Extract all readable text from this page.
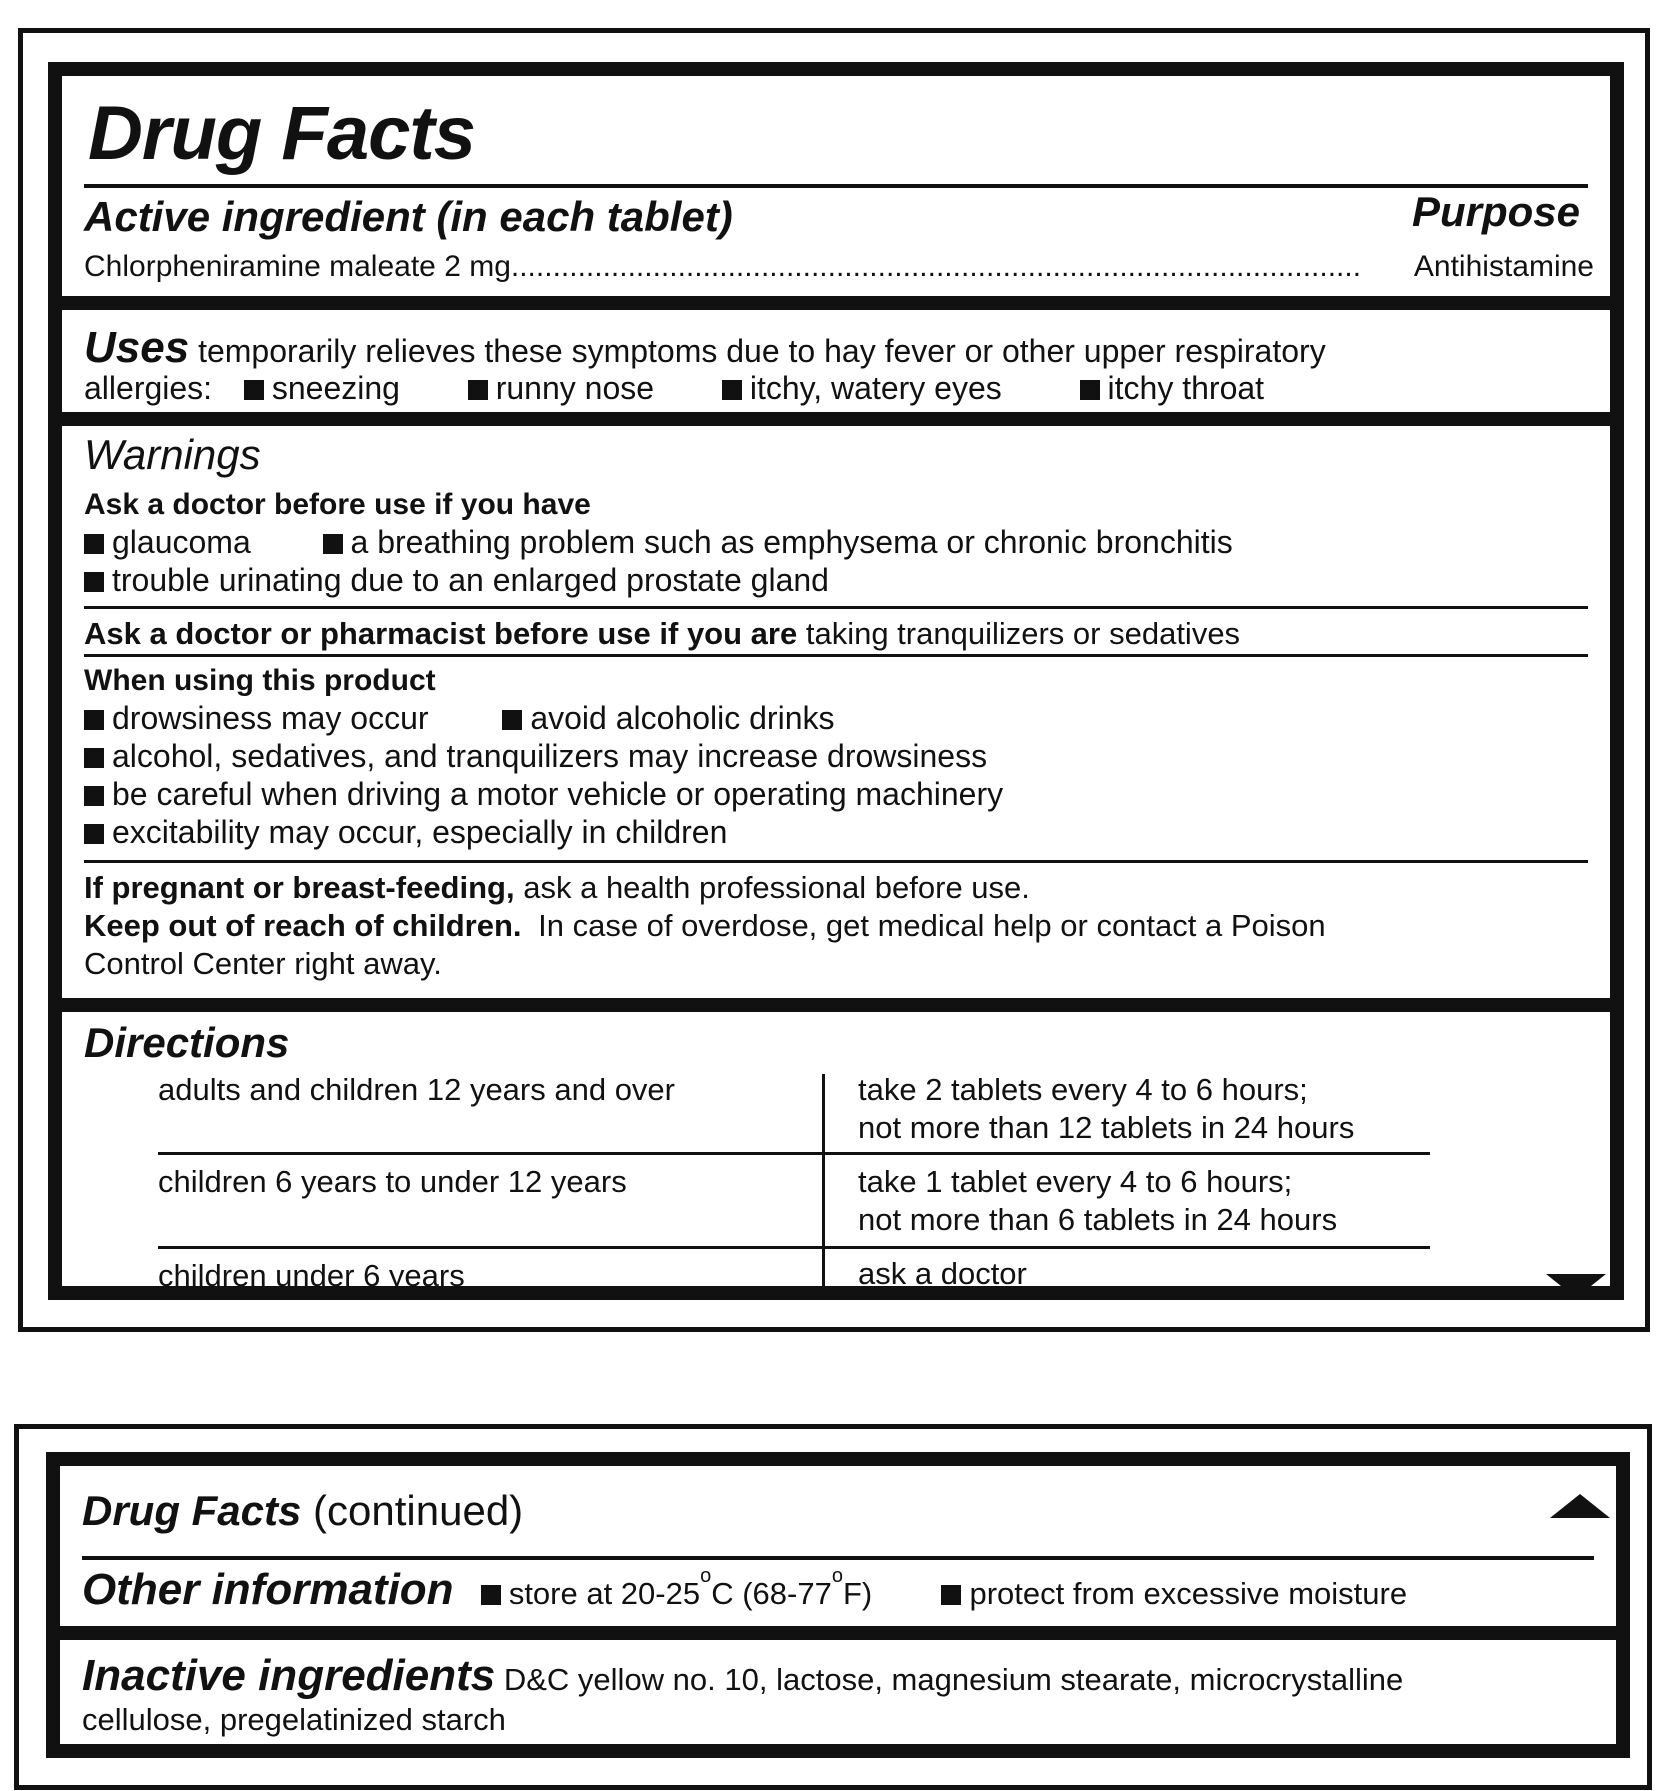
Drug Facts
Active ingredient (in each tablet)	Purpose
Chlorpheniramine maleate 2 mg ......................................................................................................	Antihistamine
Uses temporarily relieves these symptoms due to hay fever or other upper respiratory
allergies: sneezing	runny nose	itchy, watery eyes	itchy throat
Warnings
Ask a doctor before use if you have
glaucoma	a breathing problem such as emphysema or chronic bronchitis
trouble urinating due to an enlarged prostate gland
Ask a doctor or pharmacist before use if you are taking tranquilizers or sedatives
When using this product
drowsiness may occur	avoid alcoholic drinks
alcohol, sedatives, and tranquilizers may increase drowsiness
be careful when driving a motor vehicle or operating machinery
excitability may occur, especially in children
If pregnant or breast-feeding, ask a health professional before use.
Keep out of reach of children. In case of overdose, get medical help or contact a Poison
Control Center right away.
Directions
adults and children 12 years and over	take 2 tablets every 4 to 6 hours;
not more than 12 tablets in 24 hours
children 6 years to under 12 years	take 1 tablet every 4 to 6 hours;
not more than 6 tablets in 24 hours
children under 6 years	ask a doctor
Drug Facts (continued)
Other information store at 20-25$^o$C (68-77$^o$F)	protect from excessive moisture
Inactive ingredients D&C yellow no. 10, lactose, magnesium stearate, microcrystalline
cellulose, pregelatinized starch
